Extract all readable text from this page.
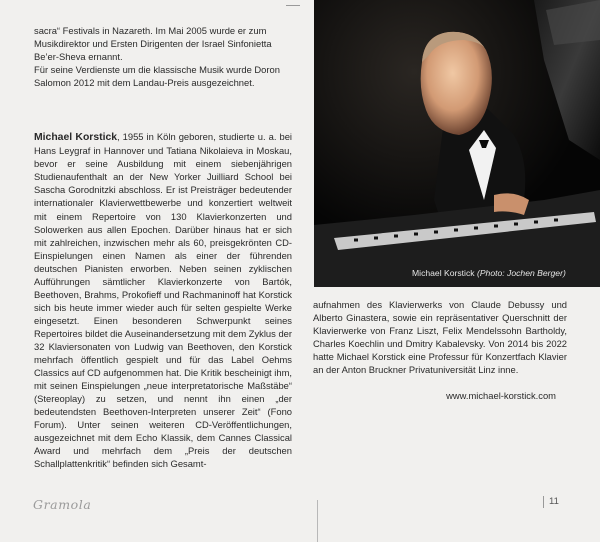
sacra“ Festivals in Nazareth. Im Mai 2005 wurde er zum
Musikdirektor und Ersten Dirigenten der Israel Sinfonietta
Be’er-Sheva ernannt.
Für seine Verdienste um die klassische Musik wurde Doron
Salomon 2012 mit dem Landau-Preis ausgezeichnet.

Michael Korstick, 1955 in Köln geboren, studierte u. a. bei Hans Leygraf in Hannover und Tatiana Nikolaieva in Moskau, bevor er seine Ausbildung mit einem siebenjährigen Studienaufenthalt an der New Yorker Juilliard School bei Sascha Gorodnitzki abschloss. Er ist Preisträger bedeutender internationaler Klavierwettbewerbe und konzertiert weltweit mit einem Repertoire von 130 Klavierkonzerten und Solowerken aus allen Epochen. Darüber hinaus hat er sich mit zahlreichen, inzwischen mehr als 60, preisgekrönten CD-Einspielungen einen Namen als einer der führenden deutschen Pianisten erworben. Neben seinen zyklischen Aufführungen sämtlicher Klavierkonzerte von Bartók, Beethoven, Brahms, Prokofieff und Rachmaninoff hat Korstick sich bis heute immer wieder auch für selten gespielte Werke eingesetzt. Einen besonderen Schwerpunkt seines Repertoires bildet die Auseinandersetzung mit dem Zyklus der 32 Klaviersonaten von Ludwig van Beethoven, den Korstick mehrfach öffentlich gespielt und für das Label Oehms Classics auf CD aufgenommen hat. Die Kritik bescheinigt ihm, mit seinen Einspielungen „neue interpretatorische Maßstäbe“ (Stereoplay) zu setzen, und nennt ihn einen „der bedeutendsten Beethoven-Interpreten unserer Zeit“ (Fono Forum). Unter seinen weiteren CD-Veröffentlichungen, ausgezeichnet mit dem Echo Klassik, dem Cannes Classical Award und mehrfach dem „Preis der deutschen Schallplattenkritik“ befinden sich Gesamt-

Michael Korstick (Photo: Jochen Berger)

aufnahmen des Klavierwerks von Claude Debussy und Alberto Ginastera, sowie ein repräsentativer Querschnitt der Klavierwerke von Franz Liszt, Felix Mendelssohn Bartholdy, Charles Koechlin und Dmitry Kabalevsky. Von 2014 bis 2022 hatte Michael Korstick eine Professur für Konzertfach Klavier an der Anton Bruckner Privatuniversität Linz inne.

www.michael-korstick.com
Gramola	11
